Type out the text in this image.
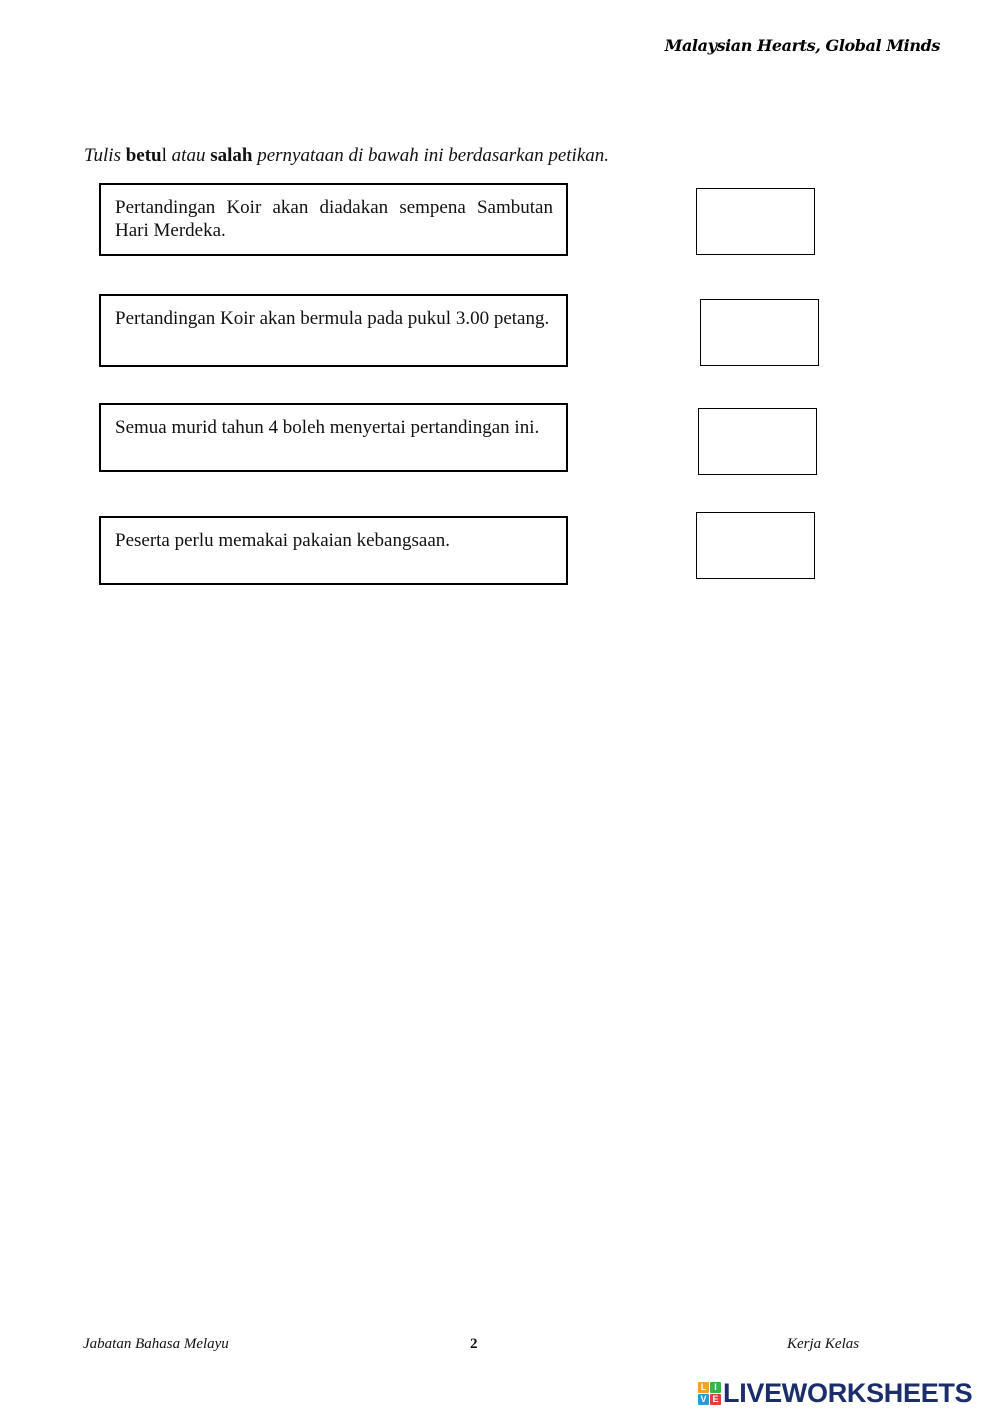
Malaysian Hearts, Global Minds
Tulis betul atau salah pernyataan di bawah ini berdasarkan petikan.
Pertandingan Koir akan diadakan sempena Sambutan Hari Merdeka.
Pertandingan Koir akan bermula pada pukul 3.00 petang.
Semua murid tahun 4 boleh menyertai pertandingan ini.
Peserta perlu memakai pakaian kebangsaan.
Jabatan Bahasa Melayu	2	Kerja Kelas
L I
V E LIVEWORKSHEETS
